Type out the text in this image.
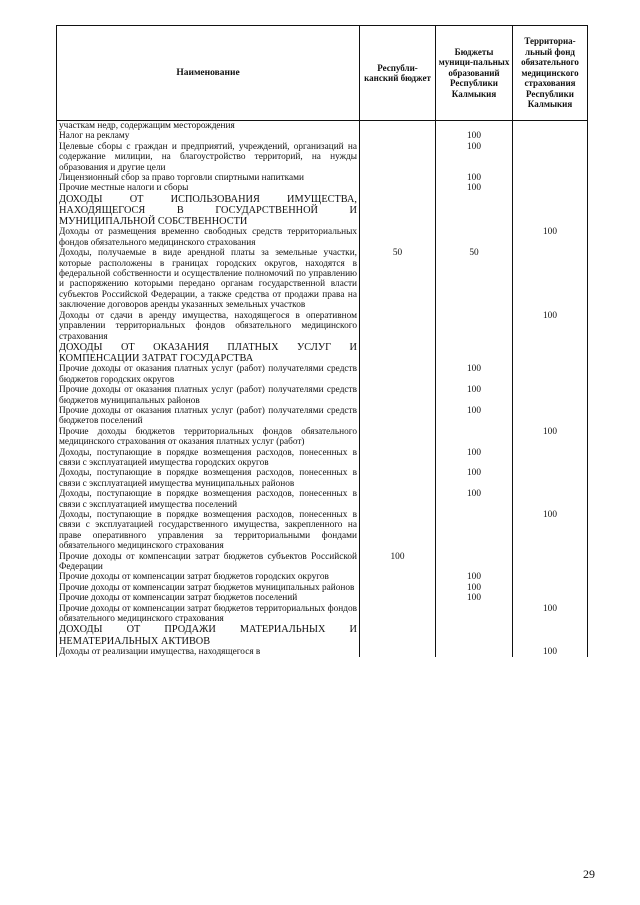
Наименование	Республи-канский бюджет	Бюджеты муници-пальных образований Республики Калмыкия	Территориа-льный фонд обязательного медицинского страхования Республики Калмыкия
участкам недр, содержащим месторождения			
Налог на рекламу		100	
Целевые сборы с граждан и предприятий, учреждений, организаций на содержание милиции, на благоустройство территорий, на нужды образования и другие цели		100	
Лицензионный сбор за право торговли спиртными напитками		100	
Прочие местные налоги и сборы		100	
ДОХОДЫ ОТ ИСПОЛЬЗОВАНИЯ ИМУЩЕСТВА, НАХОДЯЩЕГОСЯ В ГОСУДАРСТВЕННОЙ И МУНИЦИПАЛЬНОЙ СОБСТВЕННОСТИ			
Доходы от размещения временно свободных средств территориальных фондов обязательного медицинского страхования			100
Доходы, получаемые в виде арендной платы за земельные участки, которые расположены в границах городских округов, находятся в федеральной собственности и осуществление полномочий по управлению и распоряжению которыми передано органам государственной власти субъектов Российской Федерации, а также средства от продажи права на заключение договоров аренды указанных земельных участков	50	50	
Доходы от сдачи в аренду имущества, находящегося в оперативном управлении территориальных фондов обязательного медицинского страхования			100
ДОХОДЫ ОТ ОКАЗАНИЯ ПЛАТНЫХ УСЛУГ И КОМПЕНСАЦИИ ЗАТРАТ ГОСУДАРСТВА			
Прочие доходы от оказания платных услуг (работ) получателями средств бюджетов городских округов		100	
Прочие доходы от оказания платных услуг (работ) получателями средств бюджетов муниципальных районов		100	
Прочие доходы от оказания платных услуг (работ) получателями средств бюджетов поселений		100	
Прочие доходы бюджетов территориальных фондов обязательного медицинского страхования от оказания платных услуг (работ)			100
Доходы, поступающие в порядке возмещения расходов, понесенных в связи с эксплуатацией имущества городских округов		100	
Доходы, поступающие в порядке возмещения расходов, понесенных в связи с эксплуатацией имущества муниципальных районов		100	
Доходы, поступающие в порядке возмещения расходов, понесенных в связи с эксплуатацией имущества поселений		100	
Доходы, поступающие в порядке возмещения расходов, понесенных в связи с эксплуатацией государственного имущества, закрепленного на праве оперативного управления за территориальными фондами обязательного медицинского страхования			100
Прочие доходы от компенсации затрат бюджетов субъектов Российской Федерации	100		
Прочие доходы от компенсации затрат бюджетов городских округов		100	
Прочие доходы от компенсации затрат бюджетов муниципальных районов		100	
Прочие доходы от компенсации затрат бюджетов поселений		100	
Прочие доходы от компенсации затрат бюджетов территориальных фондов обязательного медицинского страхования			100
ДОХОДЫ ОТ ПРОДАЖИ МАТЕРИАЛЬНЫХ И НЕМАТЕРИАЛЬНЫХ АКТИВОВ			
Доходы от реализации имущества, находящегося в			100
29
